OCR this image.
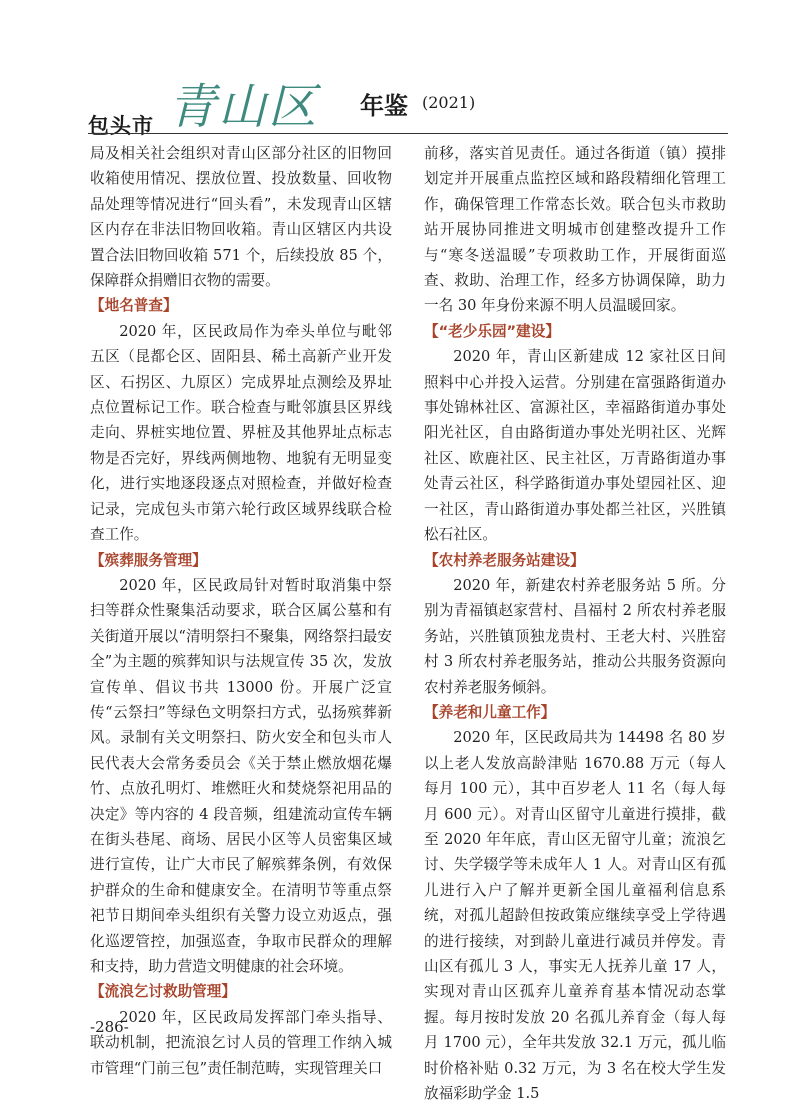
包头市 青山区 年鉴 (2021)

局及相关社会组织对青山区部分社区的旧物回收箱使用情况、摆放位置、投放数量、回收物品处理等情况进行“回头看”，未发现青山区辖区内存在非法旧物回收箱。青山区辖区内共设置合法旧物回收箱 571 个，后续投放 85 个，保障群众捐赠旧衣物的需要。

【地名普查】

2020 年，区民政局作为牵头单位与毗邻五区（昆都仑区、固阳县、稀土高新产业开发区、石拐区、九原区）完成界址点测绘及界址点位置标记工作。联合检查与毗邻旗县区界线走向、界桩实地位置、界桩及其他界址点标志物是否完好，界线两侧地物、地貌有无明显变化，进行实地逐段逐点对照检查，并做好检查记录，完成包头市第六轮行政区域界线联合检查工作。

【殡葬服务管理】

2020 年，区民政局针对暂时取消集中祭扫等群众性聚集活动要求，联合区属公墓和有关街道开展以“清明祭扫不聚集，网络祭扫最安全”为主题的殡葬知识与法规宣传 35 次，发放宣传单、倡议书共 13000 份。开展广泛宣传“云祭扫”等绿色文明祭扫方式，弘扬殡葬新风。录制有关文明祭扫、防火安全和包头市人民代表大会常务委员会《关于禁止燃放烟花爆竹、点放孔明灯、堆燃旺火和焚烧祭祀用品的决定》等内容的 4 段音频，组建流动宣传车辆在街头巷尾、商场、居民小区等人员密集区域进行宣传，让广大市民了解殡葬条例，有效保护群众的生命和健康安全。在清明节等重点祭祀节日期间牵头组织有关警力设立劝返点，强化巡逻管控，加强巡查，争取市民群众的理解和支持，助力营造文明健康的社会环境。

【流浪乞讨救助管理】

2020 年，区民政局发挥部门牵头指导、联动机制，把流浪乞讨人员的管理工作纳入城市管理“门前三包”责任制范畴，实现管理关口

前移，落实首见责任。通过各街道（镇）摸排划定并开展重点监控区域和路段精细化管理工作，确保管理工作常态长效。联合包头市救助站开展协同推进文明城市创建整改提升工作与“寒冬送温暖”专项救助工作，开展街面巡查、救助、治理工作，经多方协调保障，助力一名 30 年身份来源不明人员温暖回家。

【“老少乐园”建设】

2020 年，青山区新建成 12 家社区日间照料中心并投入运营。分别建在富强路街道办事处锦林社区、富源社区，幸福路街道办事处阳光社区，自由路街道办事处光明社区、光辉社区、欧鹿社区、民主社区，万青路街道办事处青云社区，科学路街道办事处望园社区、迎一社区，青山路街道办事处都兰社区，兴胜镇松石社区。

【农村养老服务站建设】

2020 年，新建农村养老服务站 5 所。分别为青福镇赵家营村、昌福村 2 所农村养老服务站，兴胜镇顶独龙贵村、王老大村、兴胜窑村 3 所农村养老服务站，推动公共服务资源向农村养老服务倾斜。

【养老和儿童工作】

2020 年，区民政局共为 14498 名 80 岁以上老人发放高龄津贴 1670.88 万元（每人每月 100 元），其中百岁老人 11 名（每人每月 600 元）。对青山区留守儿童进行摸排，截至 2020 年年底，青山区无留守儿童；流浪乞讨、失学辍学等未成年人 1 人。对青山区有孤儿进行入户了解并更新全国儿童福利信息系统，对孤儿超龄但按政策应继续享受上学待遇的进行接续，对到龄儿童进行减员并停发。青山区有孤儿 3 人，事实无人抚养儿童 17 人，实现对青山区孤弃儿童养育基本情况动态掌握。每月按时发放 20 名孤儿养育金（每人每月 1700 元），全年共发放 32.1 万元，孤儿临时价格补贴 0.32 万元，为 3 名在校大学生发放福彩助学金 1.5

-286-
